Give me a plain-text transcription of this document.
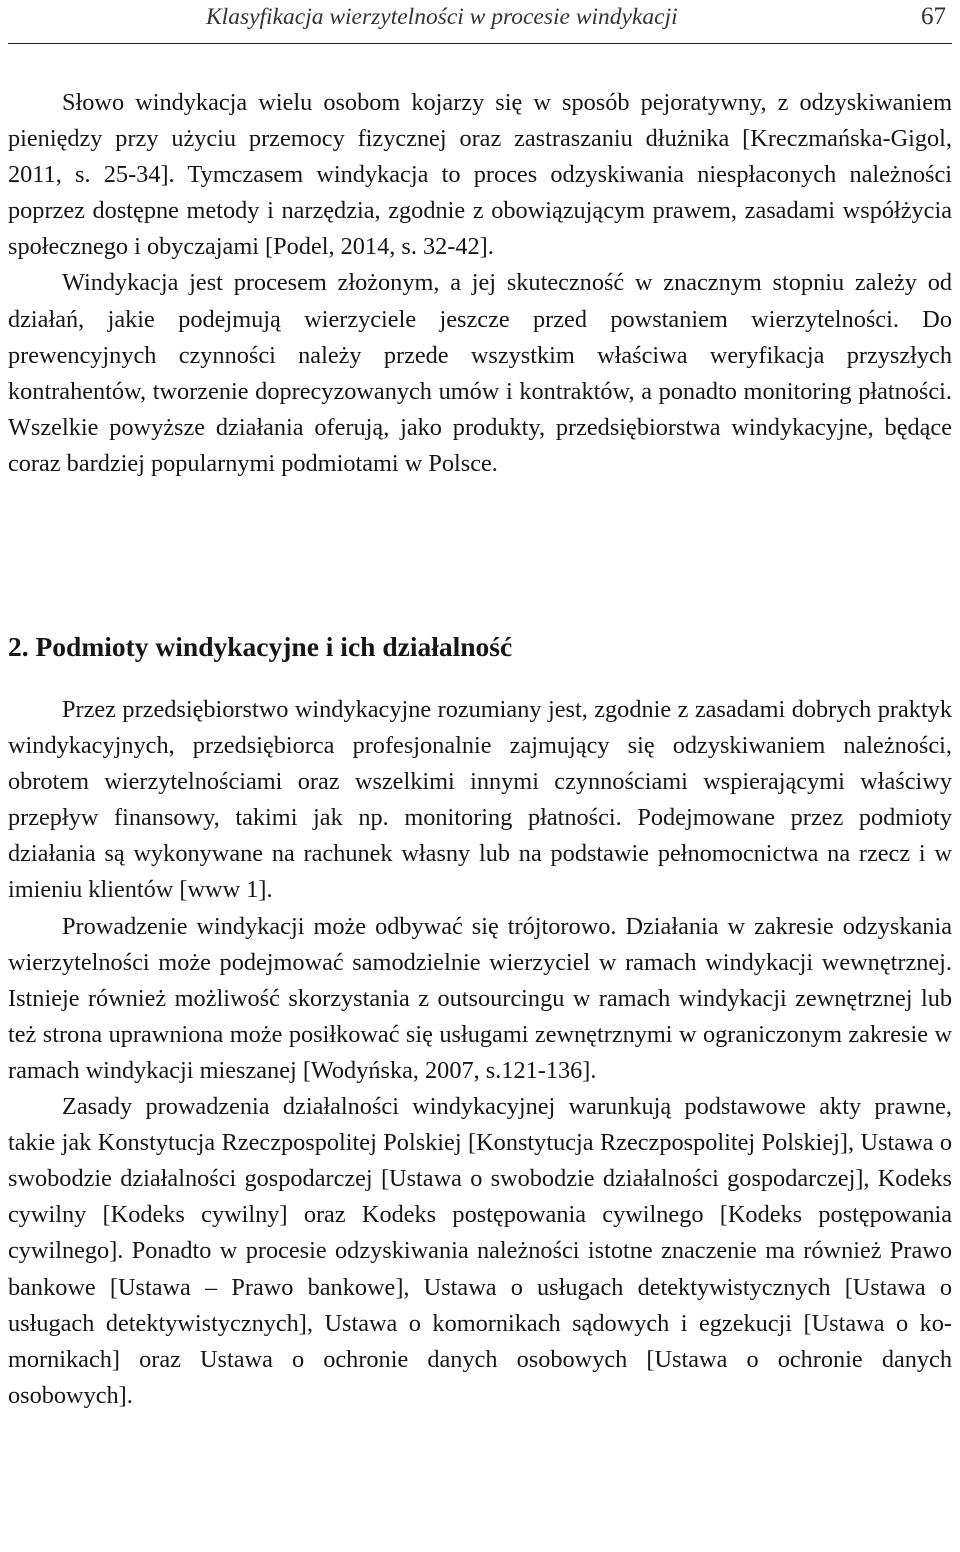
Klasyfikacja wierzytelności w procesie windykacji	67

Słowo windykacja wielu osobom kojarzy się w sposób pejoratywny, z odzyskiwaniem pieniędzy przy użyciu przemocy fizycznej oraz zastraszaniu dłużnika [Kreczmańska-Gigol, 2011, s. 25-34]. Tymczasem windykacja to proces odzyskiwania niespłaconych należności poprzez dostępne metody i narzędzia, zgodnie z obowiązującym prawem, zasadami współżycia społecznego i obyczajami [Podel, 2014, s. 32-42].

Windykacja jest procesem złożonym, a jej skuteczność w znacznym stopniu zależy od działań, jakie podejmują wierzyciele jeszcze przed powstaniem wierzytelności. Do prewencyjnych czynności należy przede wszystkim właściwa weryfikacja przyszłych kontrahentów, tworzenie doprecyzowanych umów i kontraktów, a ponadto monitoring płatności. Wszelkie powyższe działania oferują, jako produkty, przedsiębiorstwa windykacyjne, będące coraz bardziej popularnymi podmiotami w Polsce.

2. Podmioty windykacyjne i ich działalność

Przez przedsiębiorstwo windykacyjne rozumiany jest, zgodnie z zasadami dobrych praktyk windykacyjnych, przedsiębiorca profesjonalnie zajmujący się odzyskiwaniem należności, obrotem wierzytelnościami oraz wszelkimi innymi czynnościami wspierającymi właściwy przepływ finansowy, takimi jak np. monitoring płatności. Podejmowane przez podmioty działania są wykonywane na rachunek własny lub na podstawie pełnomocnictwa na rzecz i w imieniu klientów [www 1].

Prowadzenie windykacji może odbywać się trójtorowo. Działania w zakresie odzyskania wierzytelności może podejmować samodzielnie wierzyciel w ramach windykacji wewnętrznej. Istnieje również możliwość skorzystania z outsourcingu w ramach windykacji zewnętrznej lub też strona uprawniona może posiłkować się usługami zewnętrznymi w ograniczonym zakresie w ramach windykacji mieszanej [Wodyńska, 2007, s.121-136].

Zasady prowadzenia działalności windykacyjnej warunkują podstawowe akty prawne, takie jak Konstytucja Rzeczpospolitej Polskiej [Konstytucja Rzeczpospolitej Polskiej], Ustawa o swobodzie działalności gospodarczej [Ustawa o swobodzie działalności gospodarczej], Kodeks cywilny [Kodeks cywilny] oraz Kodeks postępowania cywilnego [Kodeks postępowania cywilnego]. Ponadto w procesie odzyskiwania należności istotne znaczenie ma również Prawo bankowe [Ustawa – Prawo bankowe], Ustawa o usługach detektywistycznych [Ustawa o usługach detektywistycznych], Ustawa o komornikach sądowych i egzekucji [Ustawa o komornikach] oraz Ustawa o ochronie danych osobowych [Ustawa o ochronie danych osobowych].
